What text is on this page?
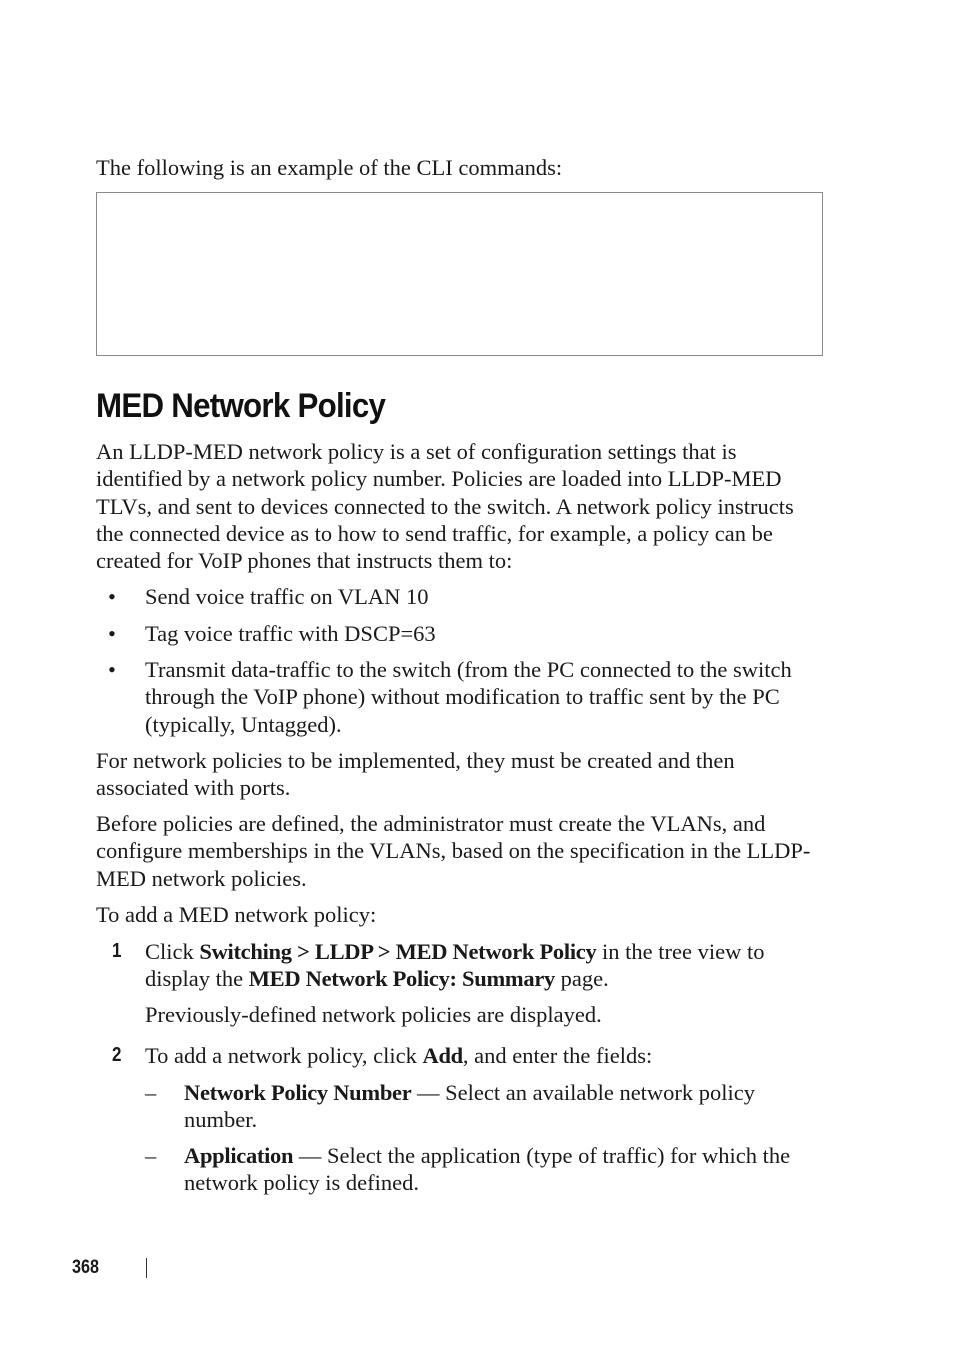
The following is an example of the CLI commands:

MED Network Policy

An LLDP-MED network policy is a set of configuration settings that is identified by a network policy number. Policies are loaded into LLDP-MED TLVs, and sent to devices connected to the switch. A network policy instructs the connected device as to how to send traffic, for example, a policy can be created for VoIP phones that instructs them to:

• Send voice traffic on VLAN 10

• Tag voice traffic with DSCP=63

• Transmit data-traffic to the switch (from the PC connected to the switch through the VoIP phone) without modification to traffic sent by the PC (typically, Untagged).

For network policies to be implemented, they must be created and then associated with ports.

Before policies are defined, the administrator must create the VLANs, and configure memberships in the VLANs, based on the specification in the LLDP-MED network policies.

To add a MED network policy:

1 Click Switching > LLDP > MED Network Policy in the tree view to display the MED Network Policy: Summary page.

Previously-defined network policies are displayed.

2 To add a network policy, click Add, and enter the fields:

– Network Policy Number — Select an available network policy number.

– Application — Select the application (type of traffic) for which the network policy is defined.

368
